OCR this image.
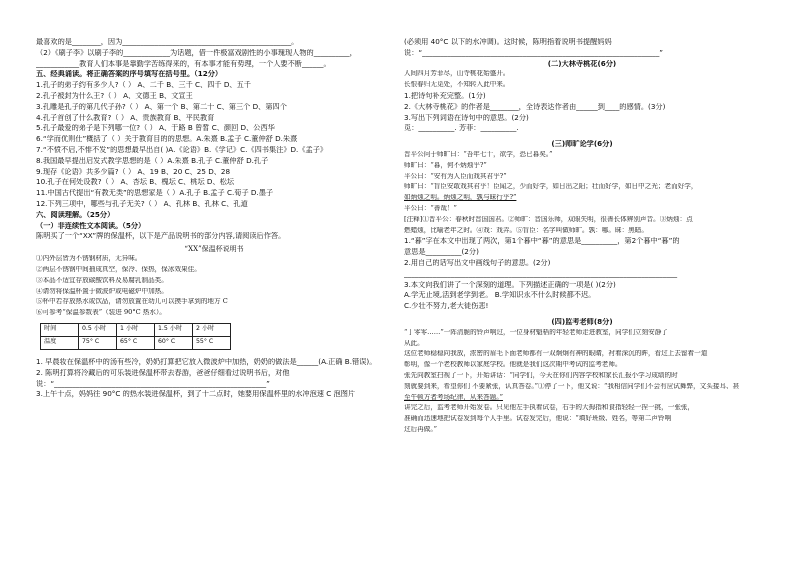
最喜欢的是________，因为_______________________________________________。
（2）《刷子李》以刷子李的_____________为话题，借一件极富戏剧性的小事瑰现人物的__________，
____________教育人们本事是靠勤学苦练得来的，有本事才能有势理，一个人要不断______。
五、经典诵读。将正确答案的序号填写在括号里。（12分）
1.孔子的弟子约有多少人?（ ） A、二千 B、三千 C、四千 D、五千
2.孔子被封为什么王?（ ） A、文德王 B、文宣王
3.孔雕是孔子的第几代子孙?（ ） A、第一个 B、第二十 C、第三个 D、第四个
4.孔子首创了什么教育?（ ） A、贵族教育 B、平民教育
5.孔子最爱的弟子是下列哪一位?（ ） A、于路 B 曾皙 C、颜回 D、公西华
6.“学而优则仕”概括了（ ）关于教育目的的思想。A.朱熹 B.孟子 C.董仲舒 D.朱熹
7.“不愤不启,不悱不发”的思想最早出自( )A.《论语》B.《学记》C.《四书集注》D.《孟子》
8.我国最早提出启发式教学思想的是（ ）A.朱熹 B.孔子 C.董仲舒 D.孔子
9.现存《论语》共多少篇?（ ） A、19 B、20 C、25 D、28
10.孔子在何处设教?（ ） A、杏坛 B、槐坛 C、桃坛 D、松坛
11.中国古代提出“有教无类”的思想家是（ ）A.孔子 B.孟子 C.荀子 D.墨子
12.下列三项中，哪些与孔子无关?（ ） A、孔林 B、孔林 C、孔道
六、阅读理解。（25分）
（一）非连续性文本阅读。（5分）
陈明买了一个“XX”牌的保温杯，以下是产品说明书的部分内容,请阅读后作答。
“XX”保温杯说明书
①内外层皆为不锈钢材质，无异味。
②两层不锈钢中间抽成真空，保冷、保热，保冰效果佳。
③本品不适宜存放碳酸饮料及易腐乳制品类。
④请勿将保温杯置于微波炉或电磁炉中加热。
⑤杯中若存放热水或饮品，请勿放置在幼儿可以摸手拿到的地方 C
⑥可参考“保温参数表”（装进 90°C 热水）。
时间	0.5 小时	1 小时	1.5 小时	2 小时
温度	75° C	65° C	60° C	55° C
1. 早晨妆在保温杯中的汤有些冷，奶奶打算把它放入微波炉中加热，奶奶的做法是______(A.正确 B.错误)。
2. 陈明打算将冷藏后的可乐装进保温杯带去春游，爸爸仔细看过说明书后，对他
说：“___________________________________________________________”
3.上午十点，妈妈往 90°C 的热水装进保温杯，到了十二点时，她要用保温杯里的水冲泡速 C 泡图片
(必须用 40°C 以下的水冲调)。这时候，陈明指着说明书提醒妈妈
说：“__________________________________________________________________”
(二)大林寺桃花(6分)
人间四月芳菲尽，山寺桃花始盛开。
长恨春归无觅处，不知转入此中来。
1.把诗句补充完整。(1分)
2.《大林寺桃花》的作者是________，全诗表达作者由______到____的感情。(3分)
3.写出下列词语在诗句中的意思。(2分)
觅：__________. 芳菲：__________.
(三)师旷论学(6分)
晋平公问于师旷曰：“吾年七十，欲学，恐已暮矣。”
师旷曰：“暮，何不炳烛乎?”
平公曰：“安有为人臣而戏其君乎?”
师旷曰：“盲臣安敢戏其君乎！臣闻之，少而好学，如日出之阳；壮而好学，如日中之光；老而好学，
如炳烛之明。炳烛之明，孰与昧行乎?”
平公曰：“善哉！”
[注释]①晋平公：春秋时晋国国君。②师旷：晋国乐师，双眼失明，很善长体辨别声音。③炳烛：点
燃蜡烛，比喻老年之时。④戏：戏弄。⑤盲臣：名字叫做师旷。孰：哪。昧：黑暗。
1.“暮”字在本文中出现了两次，第1个暮中“暮”的意思是__________，第2个暮中“暮”的
意思是__________(2分)
2.用自己的话写出文中画线句子的意思。(2分)
____________________________________________________________________________
3.本文向我们讲了一个深刻的道理。下列描述正确的一项是( )(2分)
A.学无止境,活到老学到老。 B.学知识永不什么时候都不迟。
C.少壮不努力,老大徒伤悲!
(四)监考老师(8分)
“丁零零……”一阵清脆的铃声响过，一位身材魁梧的年轻老师走进教室，同学们立刻安静了
从此。
这位老师稳稳向我放，浓密的眉毛下面老师都有一双炯炯有神的眼睛，衬着深沉的眸，看过上去留着一道
彰明，像一个老校教师以家庭学校。他就是我们这次期中考试的监考老师。
张先向教室扫视了一下，开始讲话：“同学们，今天在你们内容学校和家长汇报小学习成绩的时
刻就要到来，希望你们 不要紧张，认真答卷。”①停了一下，他又说：“我相信同学们不会有应试舞弊，文头接耳、甚
至牛顿方者考场纪律，从来答题。”
讲完之后，监考老师开始发卷。只见他左手执着试卷，右手的大拇指和食指轻轻一捏一挑，一张张，
准确而迅速地把试卷发到每个人手里。试卷发完后，他说：“填好班级、姓名，等第二声铃响
过后再做。”
